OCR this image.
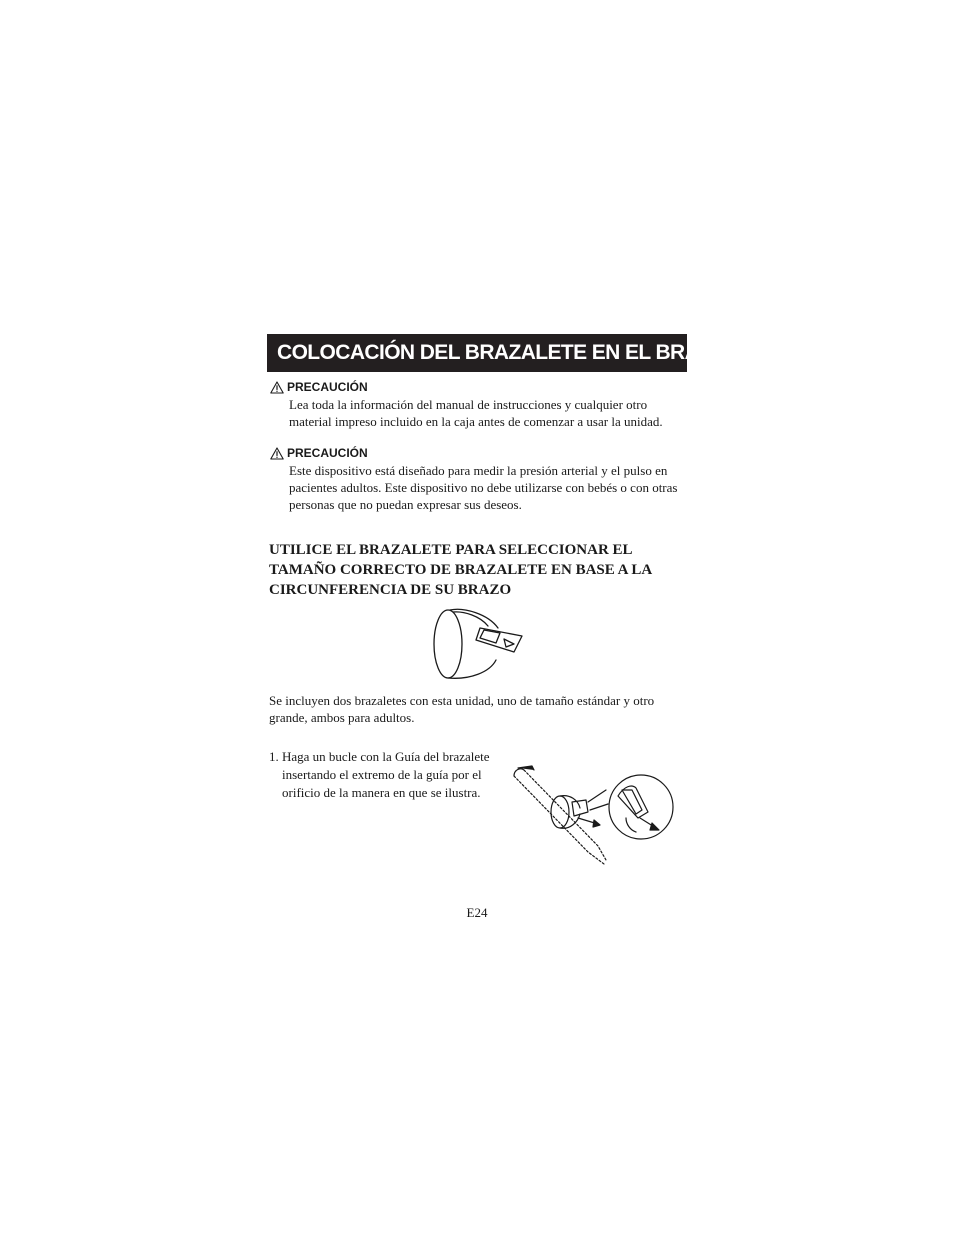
COLOCACIÓN DEL BRAZALETE EN EL BRAZO
PRECAUCIÓN
Lea toda la información del manual de instrucciones y cualquier otro material impreso incluido en la caja antes de comenzar a usar la unidad.
PRECAUCIÓN
Este dispositivo está diseñado para medir la presión arterial y el pulso en pacientes adultos. Este dispositivo no debe utilizarse con bebés o con otras personas que no puedan expresar sus deseos.
UTILICE EL BRAZALETE PARA SELECCIONAR EL TAMAÑO CORRECTO DE BRAZALETE EN BASE A LA CIRCUNFERENCIA DE SU BRAZO

Se incluyen dos brazaletes con esta unidad, uno de tamaño estándar y otro grande, ambos para adultos.

1. Haga un bucle con la Guía del brazalete insertando el extremo de la guía por el orificio de la manera en que se ilustra.
E24
